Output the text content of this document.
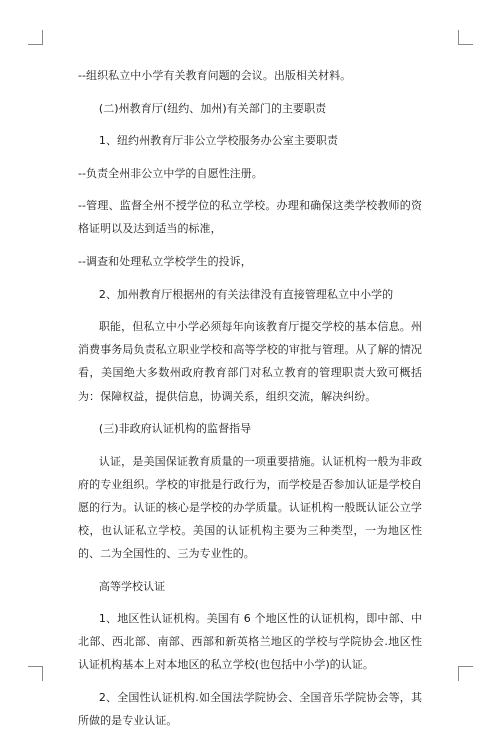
--组织私立中小学有关教育问题的会议。出版相关材料。

(二)州教育厅(纽约、加州)有关部门的主要职责

1、纽约州教育厅非公立学校服务办公室主要职责

--负责全州非公立中学的自愿性注册。

--管理、监督全州不授学位的私立学校。办理和确保这类学校教师的资格证明以及达到适当的标准，

--调查和处理私立学校学生的投诉，

2、加州教育厅根据州的有关法律没有直接管理私立中小学的

职能，但私立中小学必须每年向该教育厅提交学校的基本信息。州消费事务局负责私立职业学校和高等学校的审批与管理。从了解的情况看，美国绝大多数州政府教育部门对私立教育的管理职责大致可概括为：保障权益，提供信息，协调关系，组织交流，解决纠纷。

(三)非政府认证机构的监督指导

认证，是美国保证教育质量的一项重要措施。认证机构一般为非政府的专业组织。学校的审批是行政行为，而学校是否参加认证是学校自愿的行为。认证的核心是学校的办学质量。认证机构一般既认证公立学校，也认证私立学校。美国的认证机构主要为三种类型，一为地区性的、二为全国性的、三为专业性的。

高等学校认证

1、地区性认证机构。美国有 6 个地区性的认证机构，即中部、中北部、西北部、南部、西部和新英格兰地区的学校与学院协会.地区性认证机构基本上对本地区的私立学校(也包括中小学)的认证。

2、全国性认证机构.如全国法学院协会、全国音乐学院协会等，其所做的是专业认证。
